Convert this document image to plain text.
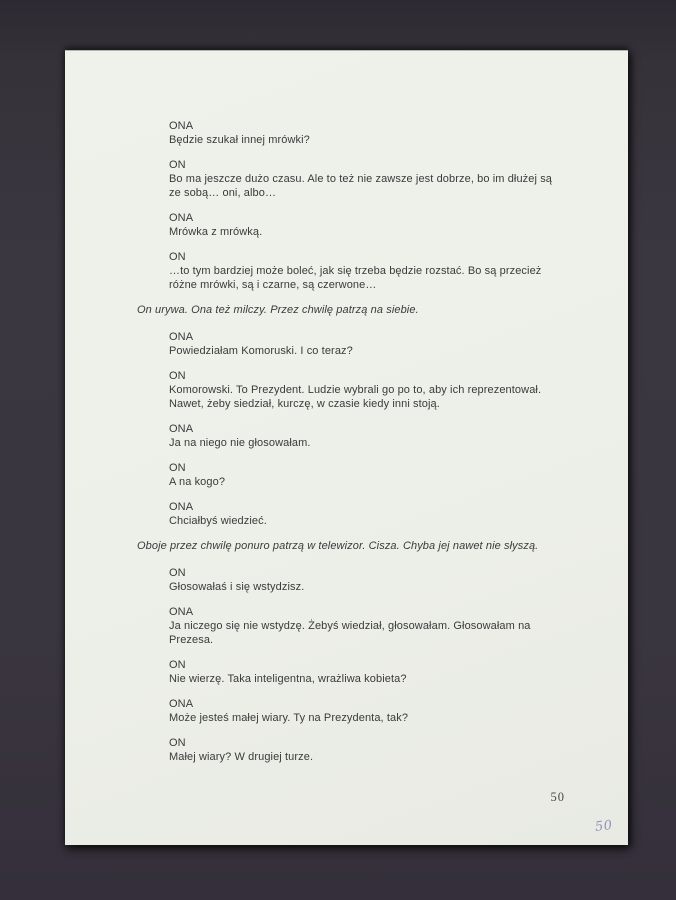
ONA
Będzie szukał innej mrówki?
ON
Bo ma jeszcze dużo czasu. Ale to też nie zawsze jest dobrze, bo im dłużej są
ze sobą… oni, albo…
ONA
Mrówka z mrówką.
ON
…to tym bardziej może boleć, jak się trzeba będzie rozstać. Bo są przecież
różne mrówki, są i czarne, są czerwone…
On urywa. Ona też milczy. Przez chwilę patrzą na siebie.
ONA
Powiedziałam Komoruski. I co teraz?
ON
Komorowski. To Prezydent. Ludzie wybrali go po to, aby ich reprezentował.
Nawet, żeby siedział, kurczę, w czasie kiedy inni stoją.
ONA
Ja na niego nie głosowałam.
ON
A na kogo?
ONA
Chciałbyś wiedzieć.
Oboje przez chwilę ponuro patrzą w telewizor. Cisza. Chyba jej nawet nie słyszą.
ON
Głosowałaś i się wstydzisz.
ONA
Ja niczego się nie wstydzę. Żebyś wiedział, głosowałam. Głosowałam na
Prezesa.
ON
Nie wierzę. Taka inteligentna, wrażliwa kobieta?
ONA
Może jesteś małej wiary. Ty na Prezydenta, tak?
ON
Małej wiary? W drugiej turze.
50
50
